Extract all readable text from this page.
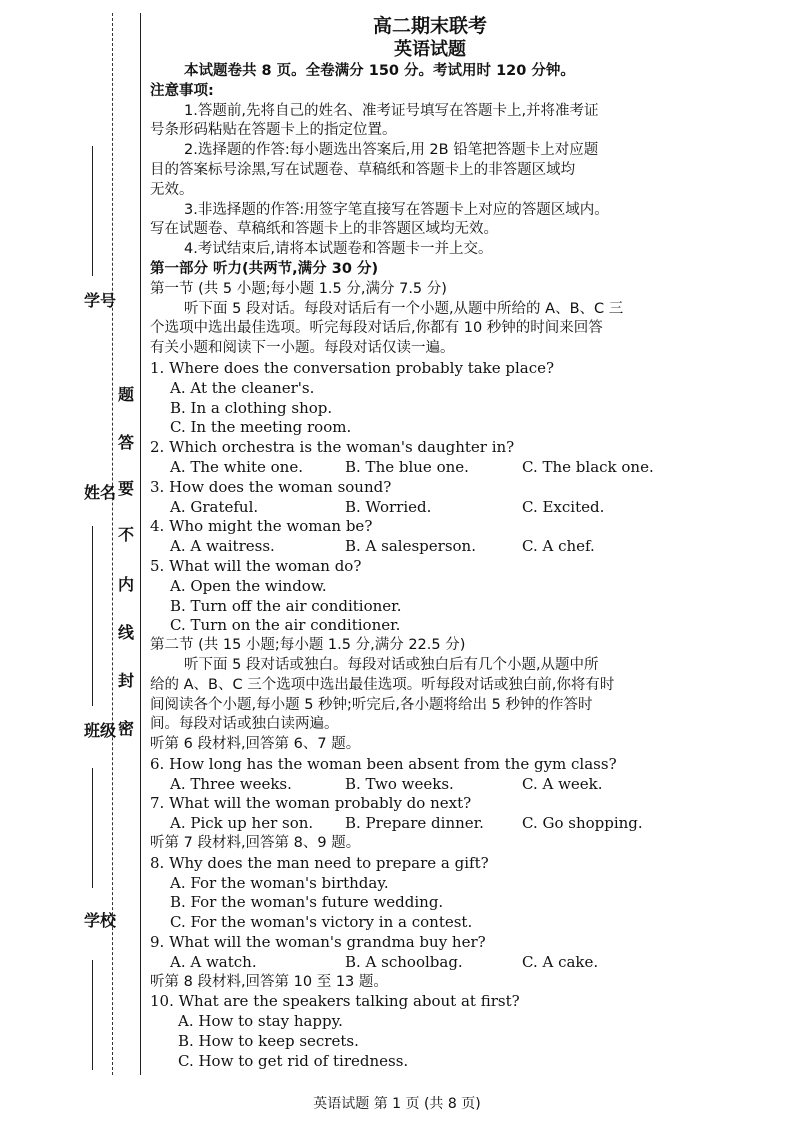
学号
姓名
班级
学校
题
答
要
不
内
线
封
密
高二期末联考
英语试题
本试题卷共 8 页。全卷满分 150 分。考试用时 120 分钟。
注意事项:
1.答题前,先将自己的姓名、准考证号填写在答题卡上,并将准考证
号条形码粘贴在答题卡上的指定位置。
2.选择题的作答:每小题选出答案后,用 2B 铅笔把答题卡上对应题
目的答案标号涂黑,写在试题卷、草稿纸和答题卡上的非答题区域均
无效。
3.非选择题的作答:用签字笔直接写在答题卡上对应的答题区域内。
写在试题卷、草稿纸和答题卡上的非答题区域均无效。
4.考试结束后,请将本试题卷和答题卡一并上交。
第一部分 听力(共两节,满分 30 分)
第一节 (共 5 小题;每小题 1.5 分,满分 7.5 分)
听下面 5 段对话。每段对话后有一个小题,从题中所给的 A、B、C 三
个选项中选出最佳选项。听完每段对话后,你都有 10 秒钟的时间来回答
有关小题和阅读下一小题。每段对话仅读一遍。
1. Where does the conversation probably take place?
A. At the cleaner's.
B. In a clothing shop.
C. In the meeting room.
2. Which orchestra is the woman's daughter in?
A. The white one.	B. The blue one.	C. The black one.
3. How does the woman sound?
A. Grateful.	B. Worried.	C. Excited.
4. Who might the woman be?
A. A waitress.	B. A salesperson.	C. A chef.
5. What will the woman do?
A. Open the window.
B. Turn off the air conditioner.
C. Turn on the air conditioner.
第二节 (共 15 小题;每小题 1.5 分,满分 22.5 分)
听下面 5 段对话或独白。每段对话或独白后有几个小题,从题中所
给的 A、B、C 三个选项中选出最佳选项。听每段对话或独白前,你将有时
间阅读各个小题,每小题 5 秒钟;听完后,各小题将给出 5 秒钟的作答时
间。每段对话或独白读两遍。
听第 6 段材料,回答第 6、7 题。
6. How long has the woman been absent from the gym class?
A. Three weeks.	B. Two weeks.	C. A week.
7. What will the woman probably do next?
A. Pick up her son. B. Prepare dinner.	C. Go shopping.
听第 7 段材料,回答第 8、9 题。
8. Why does the man need to prepare a gift?
A. For the woman's birthday.
B. For the woman's future wedding.
C. For the woman's victory in a contest.
9. What will the woman's grandma buy her?
A. A watch.	B. A schoolbag.	C. A cake.
听第 8 段材料,回答第 10 至 13 题。
10. What are the speakers talking about at first?
A. How to stay happy.
B. How to keep secrets.
C. How to get rid of tiredness.
英语试题 第 1 页 (共 8 页)
